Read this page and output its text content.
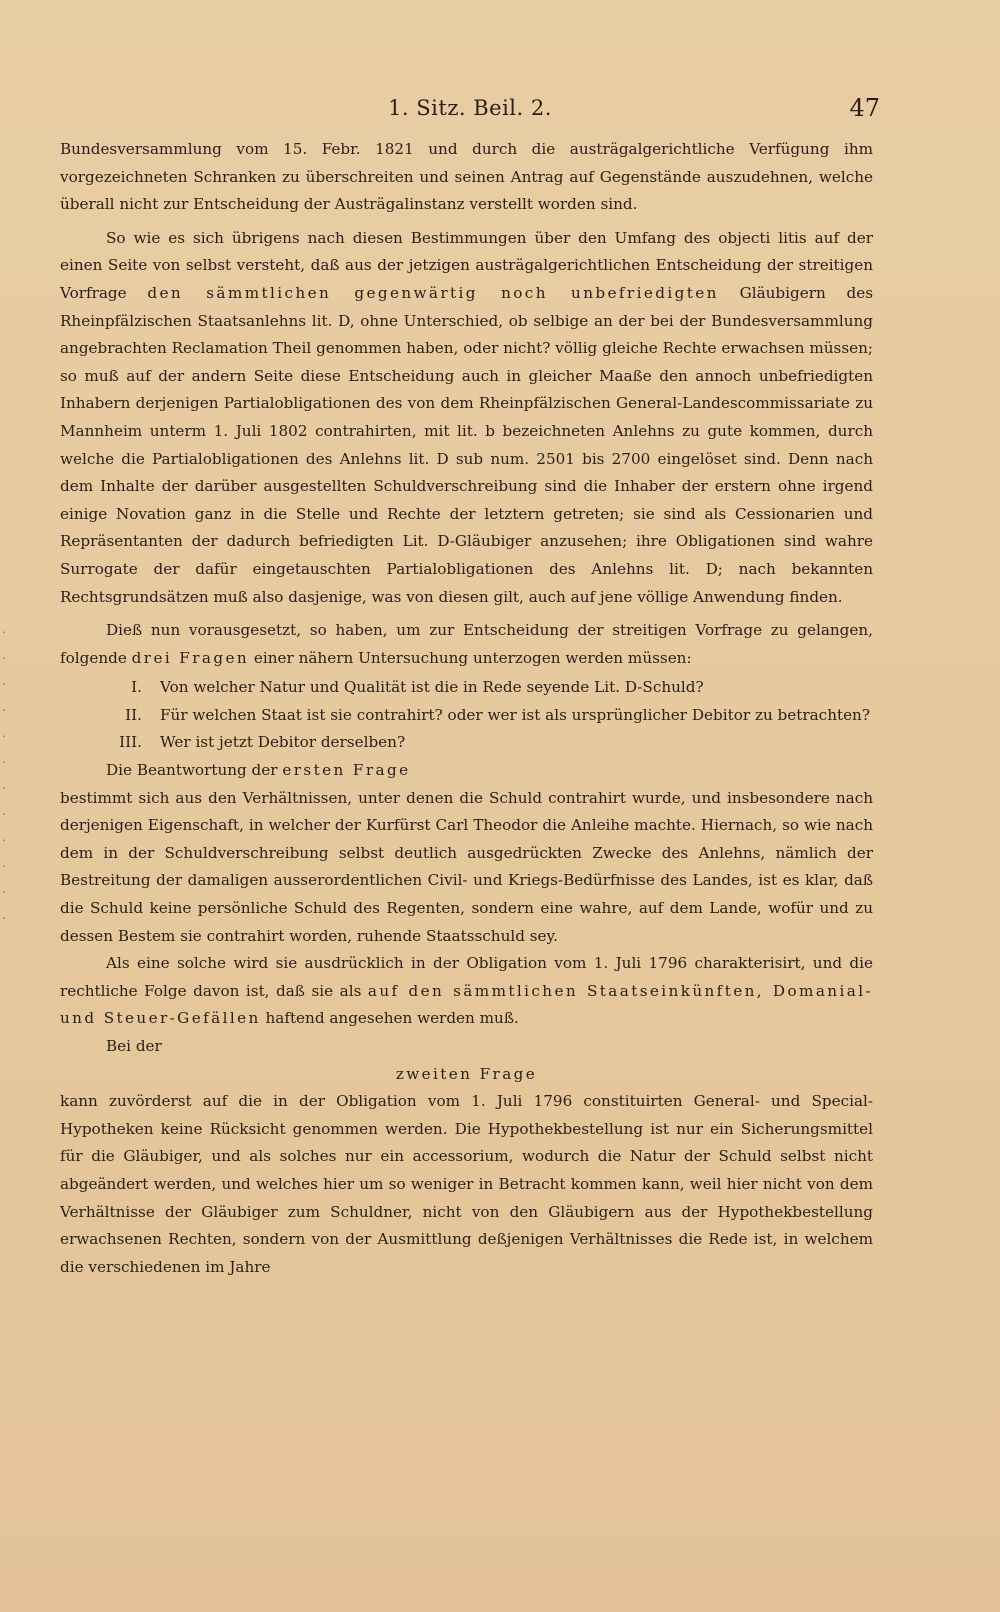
1. Sitz. Beil. 2.	47

Bundesversammlung vom 15. Febr. 1821 und durch die austrägalgerichtliche Verfügung ihm vorgezeichneten Schranken zu überschreiten und seinen Antrag auf Gegenstände auszudehnen, welche überall nicht zur Entscheidung der Austrägalinstanz verstellt worden sind.

So wie es sich übrigens nach diesen Bestimmungen über den Umfang des objecti litis auf der einen Seite von selbst versteht, daß aus der jetzigen austrägalgerichtlichen Entscheidung der streitigen Vorfrage den sämmtlichen gegenwärtig noch unbefriedigten Gläubigern des Rheinpfälzischen Staatsanlehns lit. D, ohne Unterschied, ob selbige an der bei der Bundesversammlung angebrachten Reclamation Theil genommen haben, oder nicht? völlig gleiche Rechte erwachsen müssen; so muß auf der andern Seite diese Entscheidung auch in gleicher Maaße den annoch unbefriedigten Inhabern derjenigen Partialobligationen des von dem Rheinpfälzischen General-Landescommissariate zu Mannheim unterm 1. Juli 1802 contrahirten, mit lit. b bezeichneten Anlehns zu gute kommen, durch welche die Partialobligationen des Anlehns lit. D sub num. 2501 bis 2700 eingelöset sind. Denn nach dem Inhalte der darüber ausgestellten Schuldverschreibung sind die Inhaber der erstern ohne irgend einige Novation ganz in die Stelle und Rechte der letztern getreten; sie sind als Cessionarien und Repräsentanten der dadurch befriedigten Lit. D-Gläubiger anzusehen; ihre Obligationen sind wahre Surrogate der dafür eingetauschten Partialobligationen des Anlehns lit. D; nach bekannten Rechtsgrundsätzen muß also dasjenige, was von diesen gilt, auch auf jene völlige Anwendung finden.

Dieß nun vorausgesetzt, so haben, um zur Entscheidung der streitigen Vorfrage zu gelangen, folgende drei Fragen einer nähern Untersuchung unterzogen werden müssen:

I.	Von welcher Natur und Qualität ist die in Rede seyende Lit. D-Schuld?
II.	Für welchen Staat ist sie contrahirt? oder wer ist als ursprünglicher Debitor zu betrachten?
III.	Wer ist jetzt Debitor derselben?

Die Beantwortung der ersten Frage

bestimmt sich aus den Verhältnissen, unter denen die Schuld contrahirt wurde, und insbesondere nach derjenigen Eigenschaft, in welcher der Kurfürst Carl Theodor die Anleihe machte. Hiernach, so wie nach dem in der Schuldverschreibung selbst deutlich ausgedrückten Zwecke des Anlehns, nämlich der Bestreitung der damaligen ausserordentlichen Civil- und Kriegs-Bedürfnisse des Landes, ist es klar, daß die Schuld keine persönliche Schuld des Regenten, sondern eine wahre, auf dem Lande, wofür und zu dessen Bestem sie contrahirt worden, ruhende Staatsschuld sey.

Als eine solche wird sie ausdrücklich in der Obligation vom 1. Juli 1796 charakterisirt, und die rechtliche Folge davon ist, daß sie als auf den sämmtlichen Staatseinkünften, Domanial- und Steuer-Gefällen haftend angesehen werden muß.

Bei der

zweiten Frage

kann zuvörderst auf die in der Obligation vom 1. Juli 1796 constituirten General- und Special-Hypotheken keine Rücksicht genommen werden. Die Hypothekbestellung ist nur ein Sicherungsmittel für die Gläubiger, und als solches nur ein accessorium, wodurch die Natur der Schuld selbst nicht abgeändert werden, und welches hier um so weniger in Betracht kommen kann, weil hier nicht von dem Verhältnisse der Gläubiger zum Schuldner, nicht von den Gläubigern aus der Hypothekbestellung erwachsenen Rechten, sondern von der Ausmittlung deßjenigen Verhältnisses die Rede ist, in welchem die verschiedenen im Jahre

·
·
·
·
·
·
·
·
·
·
·
·
